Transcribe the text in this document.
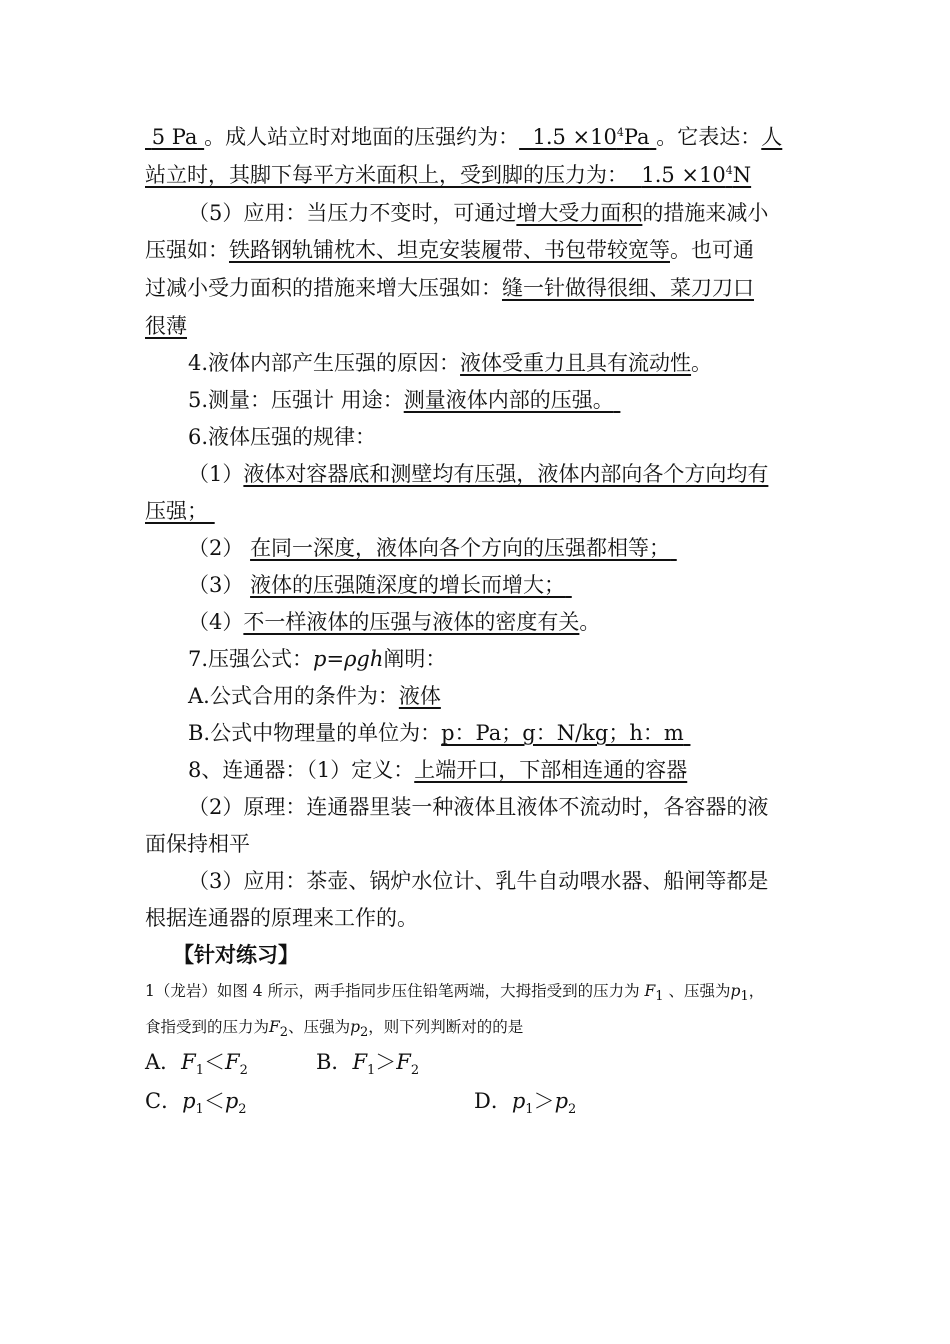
5 Pa 。成人站立时对地面的压强约为： $1.5 \times 10^4Pa$ 。它表达：人
站立时，其脚下每平方米面积上，受到脚的压力为： $1.5 \times 10^4N$
（5）应用：当压力不变时，可通过增大受力面积的措施来减小
压强如：铁路钢轨铺枕木、坦克安装履带、书包带较宽等。也可通
过减小受力面积的措施来增大压强如：缝一针做得很细、菜刀刀口
很薄
4.液体内部产生压强的原因：液体受重力且具有流动性。
5.测量：压强计 用途：测量液体内部的压强。
6.液体压强的规律：
（1）液体对容器底和测壁均有压强，液体内部向各个方向均有
压强；
（2） 在同一深度，液体向各个方向的压强都相等；
（3） 液体的压强随深度的增长而增大；
（4）不一样液体的压强与液体的密度有关。
7.压强公式：p=ρgh阐明：
A.公式合用的条件为：液体
B.公式中物理量的单位为：p：Pa；g：N/kg；h：m
8、连通器：（1）定义：上端开口，下部相连通的容器
（2）原理：连通器里装一种液体且液体不流动时，各容器的液
面保持相平
（3）应用：茶壶、锅炉水位计、乳牛自动喂水器、船闸等都是
根据连通器的原理来工作的。
【针对练习】
1（龙岩）如图 4 所示，两手指同步压住铅笔两端，大拇指受到的压力为 $F_1$ 、压强为$p_1$，
食指受到的压力为$F_2$、压强为$p_2$，则下列判断对的的是
A．$F_1<F_2$	B．$F_1>F_2$
C．$p_1<p_2$	D．$p_1>p_2$
